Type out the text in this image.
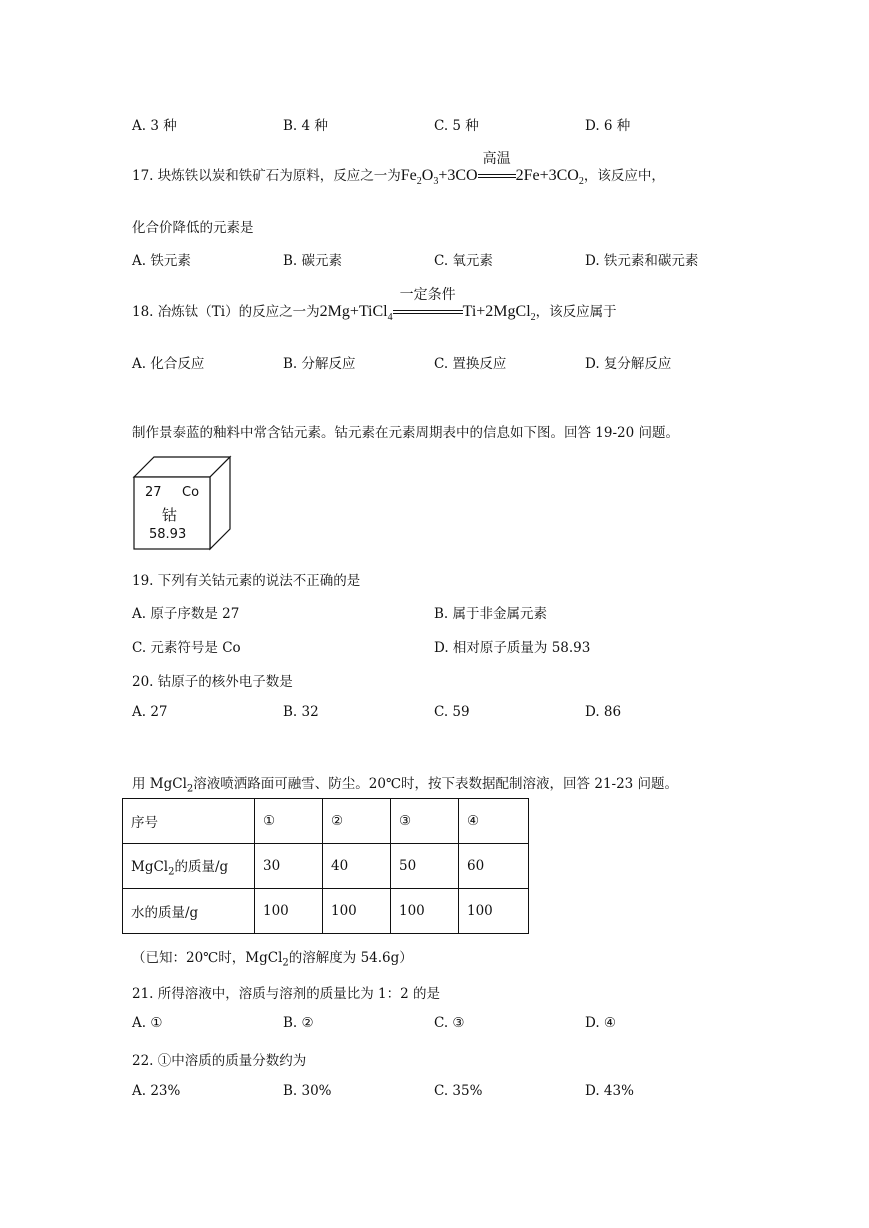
A. 3 种	B. 4 种	C. 5 种	D. 6 种
17. 块炼铁以炭和铁矿石为原料，反应之一为$Fe_2O_3+3CO$
高温
$2Fe+3CO_2$，该反应中，
化合价降低的元素是
A. 铁元素	B. 碳元素	C. 氧元素	D. 铁元素和碳元素
18. 冶炼钛（Ti）的反应之一为2Mg+TiCl$_4$
一定条件
Ti+2MgCl$_2$，该反应属于
A. 化合反应	B. 分解反应	C. 置换反应	D. 复分解反应
制作景泰蓝的釉料中常含钴元素。钴元素在元素周期表中的信息如下图。回答 19-20 问题。
27 Co
钴
58.93
19. 下列有关钴元素的说法不正确的是
A. 原子序数是 27	B. 属于非金属元素
C. 元素符号是 Co	D. 相对原子质量为 58.93
20. 钴原子的核外电子数是
A. 27	B. 32	C. 59	D. 86
用 MgCl$_2$溶液喷洒路面可融雪、防尘。20℃时，按下表数据配制溶液，回答 21-23 问题。
序号	①	②	③	④
MgCl$_2$的质量/g	30	40	50	60
水的质量/g	100	100	100	100
（已知：20℃时，MgCl$_2$的溶解度为 54.6g）
21. 所得溶液中，溶质与溶剂的质量比为 1：2 的是
A. ①	B. ②	C. ③	D. ④
22. ①中溶质的质量分数约为
A. 23%	B. 30%	C. 35%	D. 43%
